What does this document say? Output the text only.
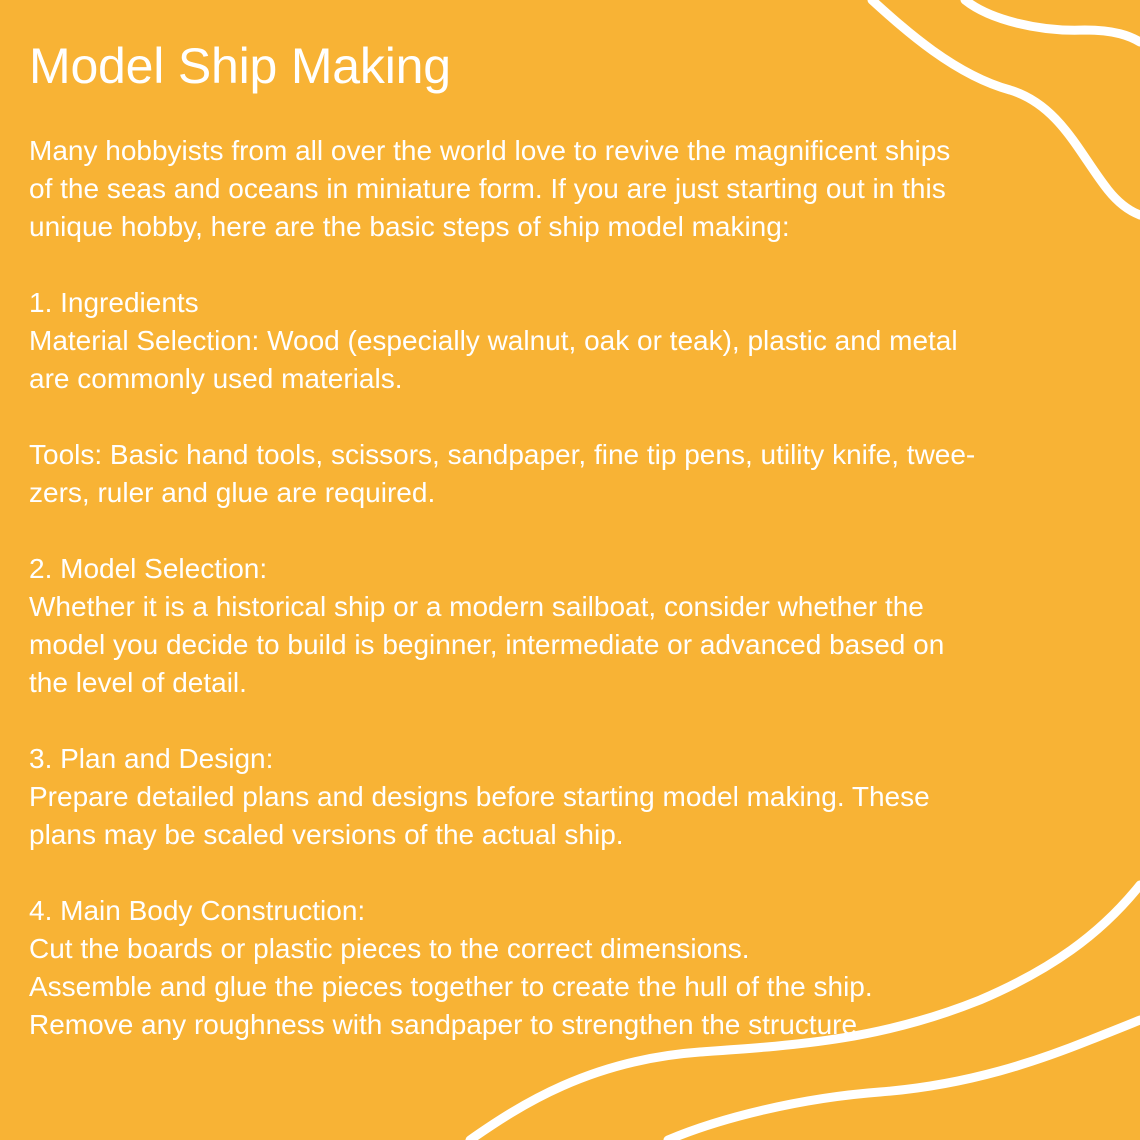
Model Ship Making

Many hobbyists from all over the world love to revive the magnificent ships
of the seas and oceans in miniature form. If you are just starting out in this
unique hobby, here are the basic steps of ship model making:

1. Ingredients
Material Selection: Wood (especially walnut, oak or teak), plastic and metal
are commonly used materials.
Tools: Basic hand tools, scissors, sandpaper, fine tip pens, utility knife, twee-
zers, ruler and glue are required.
2. Model Selection:
Whether it is a historical ship or a modern sailboat, consider whether the
model you decide to build is beginner, intermediate or advanced based on
the level of detail.
3. Plan and Design:
Prepare detailed plans and designs before starting model making. These
plans may be scaled versions of the actual ship.
4. Main Body Construction:
Cut the boards or plastic pieces to the correct dimensions.
Assemble and glue the pieces together to create the hull of the ship.
Remove any roughness with sandpaper to strengthen the structure.
